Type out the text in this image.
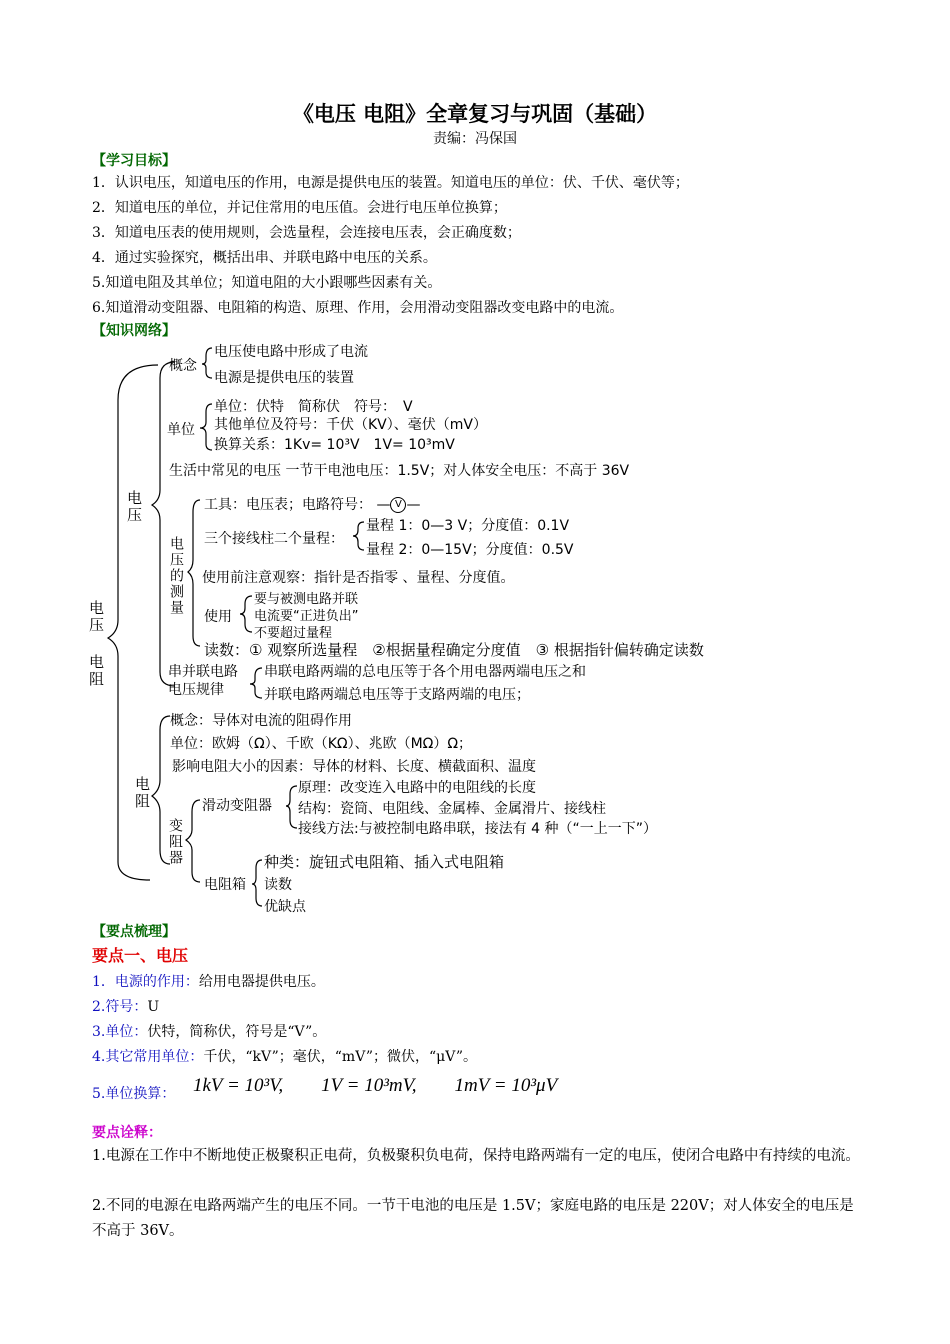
《电压 电阻》全章复习与巩固（基础）
责编：冯保国
【学习目标】
1．认识电压，知道电压的作用，电源是提供电压的装置。知道电压的单位：伏、千伏、毫伏等；
2．知道电压的单位，并记住常用的电压值。会进行电压单位换算；
3．知道电压表的使用规则，会选量程，会连接电压表，会正确度数；
4．通过实验探究，概括出串、并联电路中电压的关系。
5.知道电阻及其单位；知道电阻的大小跟哪些因素有关。
6.知道滑动变阻器、电阻箱的构造、原理、作用，会用滑动变阻器改变电路中的电流。
【知识网络】
电压 电阻
电压
概念
电压使电路中形成了电流
电源是提供电压的装置
单位
单位：伏特　简称伏　符号：　V
其他单位及符号：千伏（KV）、毫伏（mV）
换算关系：1Kv= 10³V　1V= 10³mV
生活中常见的电压 一节干电池电压：1.5V；对人体安全电压：不高于 36V
电压的测量
工具：电压表；电路符号： — V —
三个接线柱二个量程：
量程 1：0—3 V；分度值：0.1V
量程 2：0—15V；分度值：0.5V
使用前注意观察：指针是否指零 、量程、分度值。
使用
要与被测电路并联
电流要“正进负出”
不要超过量程
读数：① 观察所选量程　②根据量程确定分度值　③ 根据指针偏转确定读数
串并联电路
电压规律
串联电路两端的总电压等于各个用电器两端电压之和
并联电路两端总电压等于支路两端的电压；
电阻
概念：导体对电流的阻碍作用
单位：欧姆（Ω）、千欧（KΩ）、兆欧（MΩ）Ω；
影响电阻大小的因素：导体的材料、长度、横截面积、温度
变阻器
滑动变阻器
原理：改变连入电路中的电阻线的长度
结构：瓷筒、电阻线、金属棒、金属滑片、接线柱
接线方法:与被控制电路串联，接法有 4 种（“一上一下”）
电阻箱
种类：旋钮式电阻箱、插入式电阻箱
读数
优缺点
【要点梳理】
要点一、电压
1．电源的作用：给用电器提供电压。
2.符号：U
3.单位：伏特，简称伏，符号是“V”。
4.其它常用单位：千伏，“kV”；毫伏，“mV”；微伏，“μV”。
5.单位换算： 1kV = 10³V,　　1V = 10³mV,　　1mV = 10³μV
要点诠释：
1.电源在工作中不断地使正极聚积正电荷，负极聚积负电荷，保持电路两端有一定的电压，使闭合电路中有持续的电流。
2.不同的电源在电路两端产生的电压不同。一节干电池的电压是 1.5V；家庭电路的电压是 220V；对人体安全的电压是不高于 36V。
